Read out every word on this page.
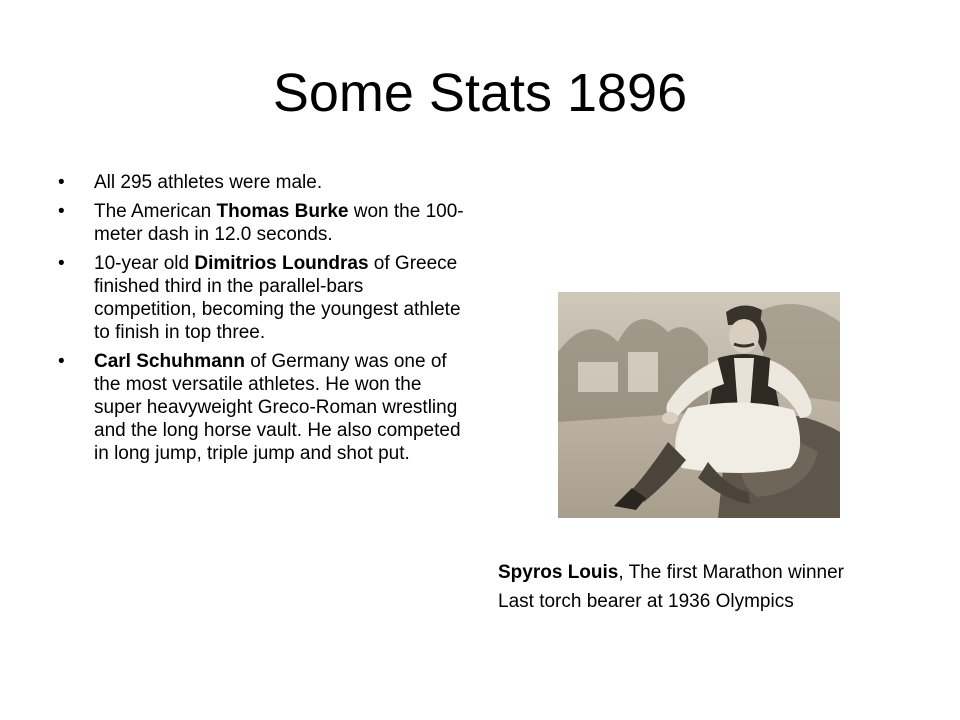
Some Stats 1896
• All 295 athletes were male.
• The American Thomas Burke won the 100-meter dash in 12.0 seconds.
• 10-year old Dimitrios Loundras of Greece finished third in the parallel-bars competition, becoming the youngest athlete to finish in top three.
• Carl Schuhmann of Germany was one of the most versatile athletes. He won the super heavyweight Greco-Roman wrestling and the long horse vault. He also competed in long jump, triple jump and shot put.
Spyros Louis, The first Marathon winner
Last torch bearer at 1936 Olympics
